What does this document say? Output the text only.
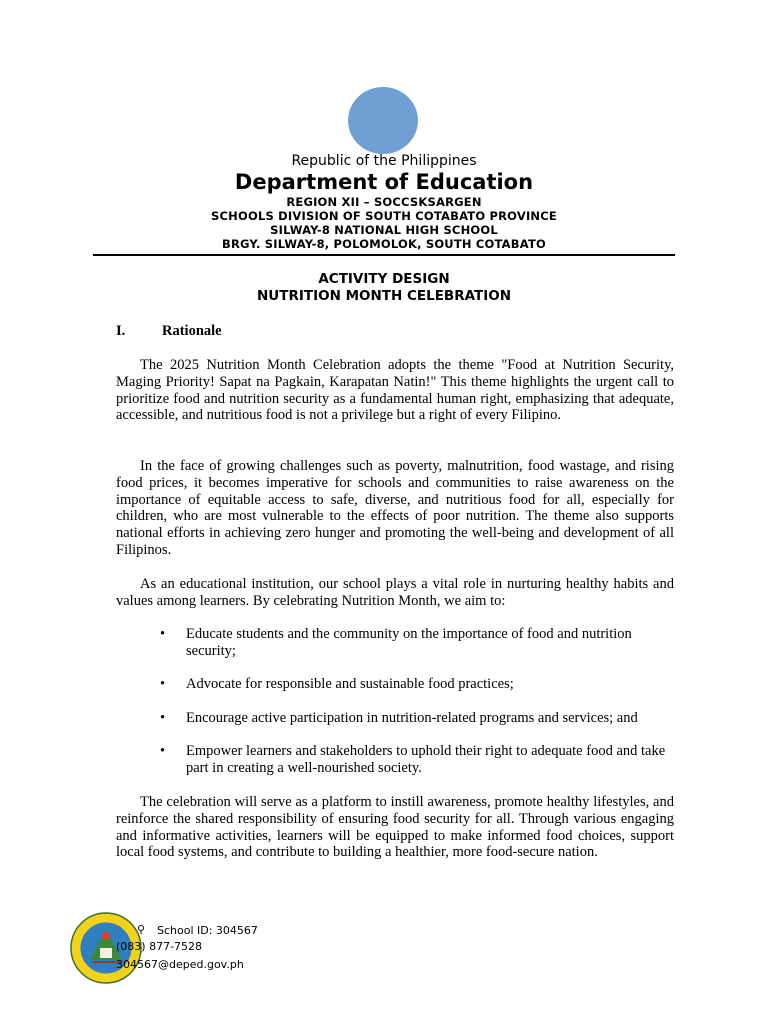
Republic of the Philippines
Department of Education
REGION XII – SOCCSKSARGEN
SCHOOLS DIVISION OF SOUTH COTABATO PROVINCE
SILWAY-8 NATIONAL HIGH SCHOOL
BRGY. SILWAY-8, POLOMOLOK, SOUTH COTABATO
ACTIVITY DESIGN
NUTRITION MONTH CELEBRATION
I.	Rationale

The 2025 Nutrition Month Celebration adopts the theme "Food at Nutrition Security, Maging Priority! Sapat na Pagkain, Karapatan Natin!" This theme highlights the urgent call to prioritize food and nutrition security as a fundamental human right, emphasizing that adequate, accessible, and nutritious food is not a privilege but a right of every Filipino.

In the face of growing challenges such as poverty, malnutrition, food wastage, and rising food prices, it becomes imperative for schools and communities to raise awareness on the importance of equitable access to safe, diverse, and nutritious food for all, especially for children, who are most vulnerable to the effects of poor nutrition. The theme also supports national efforts in achieving zero hunger and promoting the well-being and development of all Filipinos.

As an educational institution, our school plays a vital role in nurturing healthy habits and values among learners. By celebrating Nutrition Month, we aim to:

• Educate students and the community on the importance of food and nutrition security;
• Advocate for responsible and sustainable food practices;
• Encourage active participation in nutrition-related programs and services; and
• Empower learners and stakeholders to uphold their right to adequate food and take part in creating a well-nourished society.

The celebration will serve as a platform to instill awareness, promote healthy lifestyles, and reinforce the shared responsibility of ensuring food security for all. Through various engaging and informative activities, learners will be equipped to make informed food choices, support local food systems, and contribute to building a healthier, more food-secure nation.

⚲ School ID: 304567
(083) 877-7528
304567@deped.gov.ph
